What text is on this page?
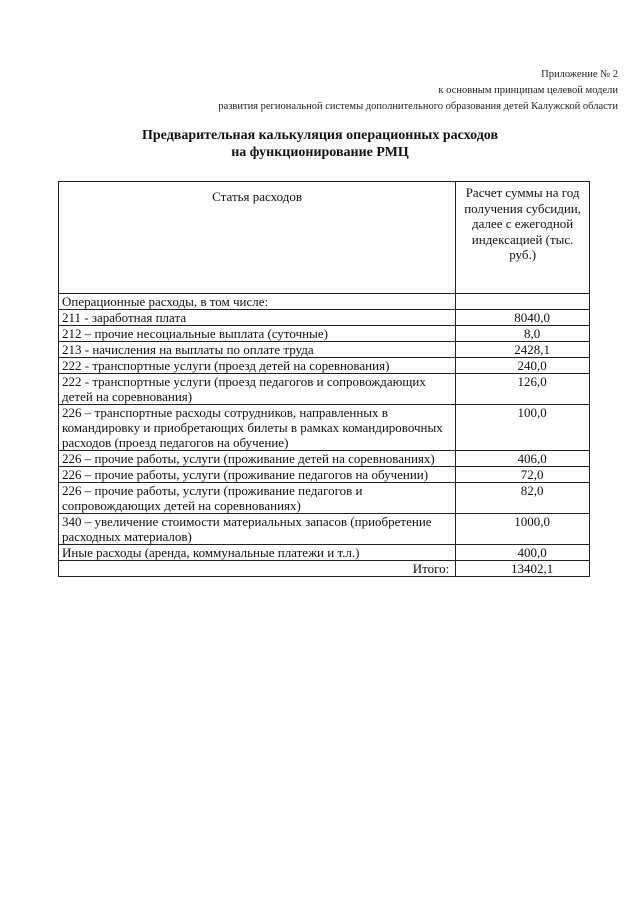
Приложение № 2
к основным принципам целевой модели
развития региональной системы дополнительного образования детей Калужской области
Предварительная калькуляция операционных расходов
на функционирование РМЦ
Статья расходов	Расчет суммы на год получения субсидии, далее с ежегодной индексацией (тыс. руб.)
Операционные расходы, в том числе:	
211 - заработная плата	8040,0
212 – прочие несоциальные выплата (суточные)	8,0
213 - начисления на выплаты по оплате труда	2428,1
222 - транспортные услуги (проезд детей на соревнования)	240,0
222 - транспортные услуги (проезд педагогов и сопровождающих детей на соревнования)	126,0
226 – транспортные расходы сотрудников, направленных в командировку и приобретающих билеты в рамках командировочных расходов (проезд педагогов на обучение)	100,0
226 – прочие работы, услуги (проживание детей на соревнованиях)	406,0
226 – прочие работы, услуги (проживание педагогов на обучении)	72,0
226 – прочие работы, услуги (проживание педагогов и сопровождающих детей на соревнованиях)	82,0
340 – увеличение стоимости материальных запасов (приобретение расходных материалов)	1000,0
Иные расходы (аренда, коммунальные платежи и т.л.)	400,0
Итого:	13402,1
